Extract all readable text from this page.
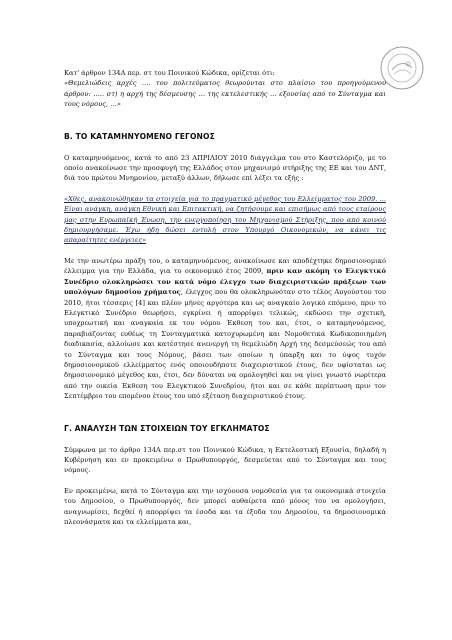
Κατ' άρθρον 134Α περ. στ του Ποινικού Κώδικα, ορίζεται ότι:

«Θεμελιώδεις αρχές …. του πολιτεύματος θεωρούνται στο πλαίσιο του προηγούμενου άρθρου: ….. στ) η αρχή της δέσμευσης … της εκτελεστικής … εξουσίας από το Σύνταγμα και τους νόμους, …»

Β. ΤΟ ΚΑΤΑΜΗΝΥΟΜΕΝΟ ΓΕΓΟΝΟΣ

Ο καταμηνυόμενος, κατά το από 23 ΑΠΡΙΛΙΟΥ 2010 διάγγελμα του στο Καστελόριζο, με το οποίο ανακοίνωσε την προσφυγή της Ελλάδος στον μηχανισμό στήριξης της ΕΕ και του ΔΝΤ, διά του πρώτου Μνημονίου, μεταξύ άλλων, δήλωσε επί λέξει τα εξής :

«Χθες, ανακοινώθηκαν τα στοιχεία για το πραγματικό μέγεθος του Ελλείμματος του 2009. ... Είναι ανάγκη, ανάγκη Εθνική και Επιτακτική, να ζητήσουμε και επισήμως από τους εταίρους μας στην Ευρωπαϊκή Ένωση, την ενεργοποίηση του Μηχανισμού Στήριξης, που από κοινού δημιουργήσαμε. Έχω ήδη δώσει εντολή στον Υπουργό Οικονομικών, να κάνει τις απαραίτητες ενέργειες»

Με την ανωτέρω πράξη του, ο καταμηνυόμενος, ανακοίνωσε και αποδέχτηκε δημοσιονομικό έλλειμμα για την Ελλάδα, για το οικονομικό έτος 2009, πριν καν ακόμη το Ελεγκτικό Συνέδριο ολοκληρώσει τον κατά νόμο έλεγχο των διαχειριστικών πράξεων των υπολόγων δημοσίου χρήματος, έλεγχος που θα ολοκληρωνόταν στο τέλος Αυγούστου του 2010, ήτοι τέσσερις [4] και πλέον μήνες αργότερα και ως αναγκαίο λογικό επόμενο, πριν το Ελεγκτικό Συνέδριο θεωρήσει, εγκρίνει ή απορρίψει τελικώς, εκδώσει την σχετική, υποχρεωτική και αναγκαία εκ του νόμου Έκθεση του και, έτσι, ο καταμηνυόμενος, παραβιάζοντας ευθέως τη Συνταγματικά κατοχυρωμένη και Νομοθετικά Κωδικοποιημένη διαδικασία, αλλοίωσε και κατέστησε ανενεργή τη θεμελιώδη Αρχή της δεσμεύσεώς του από το Σύνταγμα και τους Νόμους, βάσει των οποίων η ύπαρξη και το ύψος τυχόν δημοσιονομικού ελλείμματος ενός οποιουδήποτε διαχειριστικού έτους, δεν υφίσταται ως δημοσιονομικό μέγεθος και, έτσι, δεν δύναται να ομολογηθεί και να γίνει γνωστό νωρίτερα από την οικεία Έκθεση του Ελεγκτικού Συνεδρίου, ήτοι και σε κάθε περίπτωση πριν τον Σεπτέμβριο του επομένου έτους του υπό εξέταση διαχειριστικού έτους.

Γ. ΑΝΑΛΥΣΗ ΤΩΝ ΣΤΟΙΧΕΙΩΝ ΤΟΥ ΕΓΚΛΗΜΑΤΟΣ

Σύμφωνα με το άρθρο 134Α περ.στ του Ποινικού Κώδικα, η Εκτελεστική Εξουσία, δηλαδή η Κυβέρνηση και εν προκειμένω ο Πρωθυπουργός, δεσμεύεται από το Σύνταγμα και τους νόμους.

Εν προκειμένω, κατά το Σύνταγμα και την ισχύουσα νομοθεσία για τα οικονομικά στοιχεία του Δημοσίου, ο Πρωθυπουργός, δεν μπορεί αυθαίρετα από μόνος του να ομολογήσει, αναγνωρίσει, δεχθεί ή απορρίψει τα έσοδα και τα έξοδα του Δημοσίου, τα δημοσιονομικά πλεονάσματα και τα ελλείμματα και,
